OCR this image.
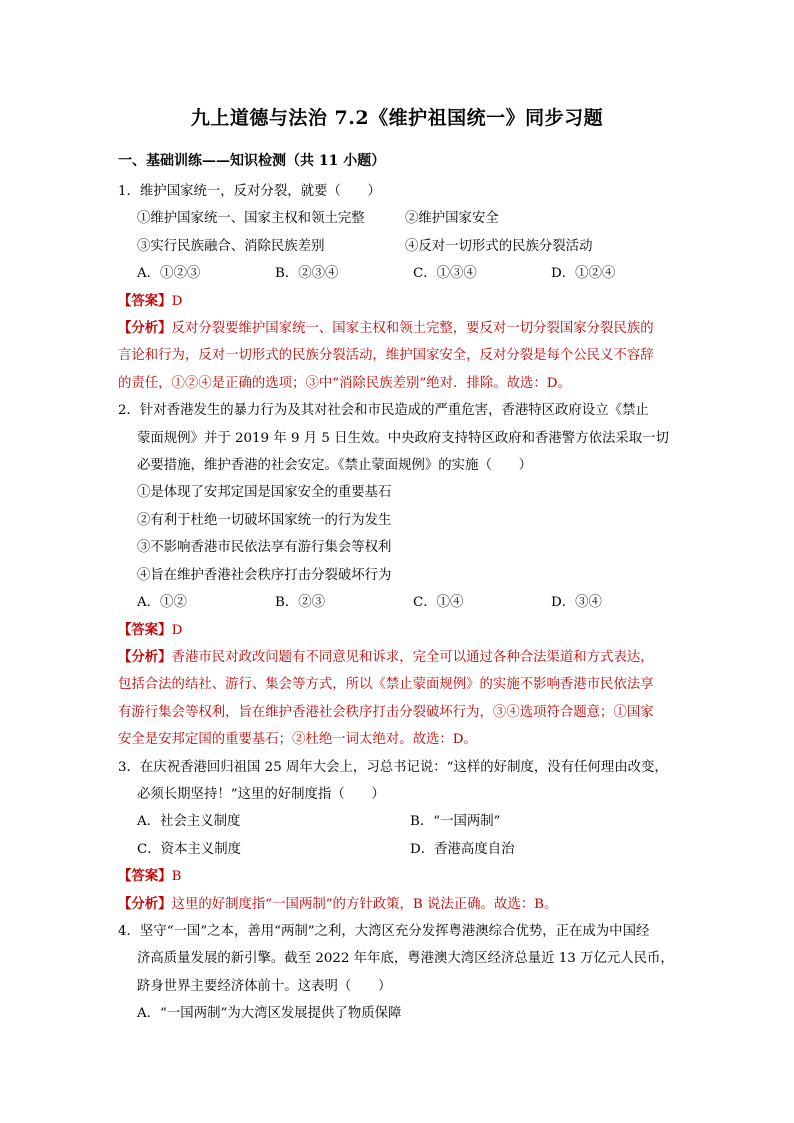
九上道德与法治 7.2《维护祖国统一》同步习题
一、基础训练——知识检测（共 11 小题）
1．维护国家统一，反对分裂，就要（　　）
①维护国家统一、国家主权和领土完整	②维护国家安全
③实行民族融合、消除民族差别	④反对一切形式的民族分裂活动
A．①②③	B．②③④	C．①③④	D．①②④
【答案】D
【分析】反对分裂要维护国家统一、国家主权和领土完整，要反对一切分裂国家分裂民族的
言论和行为，反对一切形式的民族分裂活动，维护国家安全，反对分裂是每个公民义不容辞
的责任，①②④是正确的选项；③中“消除民族差别”绝对．排除。故选：D。
2．针对香港发生的暴力行为及其对社会和市民造成的严重危害，香港特区政府设立《禁止
蒙面规例》并于 2019 年 9 月 5 日生效。中央政府支持特区政府和香港警方依法采取一切
必要措施，维护香港的社会安定。《禁止蒙面规例》的实施（　　）
①是体现了安邦定国是国家安全的重要基石
②有利于杜绝一切破坏国家统一的行为发生
③不影响香港市民依法享有游行集会等权利
④旨在维护香港社会秩序打击分裂破坏行为
A．①②	B．②③	C．①④	D．③④
【答案】D
【分析】香港市民对政改问题有不同意见和诉求，完全可以通过各种合法渠道和方式表达，
包括合法的结社、游行、集会等方式，所以《禁止蒙面规例》的实施不影响香港市民依法享
有游行集会等权利，旨在维护香港社会秩序打击分裂破坏行为，③④选项符合题意；①国家
安全是安邦定国的重要基石；②杜绝一词太绝对。故选：D。
3．在庆祝香港回归祖国 25 周年大会上，习总书记说：“这样的好制度，没有任何理由改变，
必须长期坚持！”这里的好制度指（　　）
A．社会主义制度	B．“一国两制”
C．资本主义制度	D．香港高度自治
【答案】B
【分析】这里的好制度指“一国两制”的方针政策，B 说法正确。故选：B。
4．坚守“一国”之本，善用“两制”之利，大湾区充分发挥粤港澳综合优势，正在成为中国经
济高质量发展的新引擎。截至 2022 年年底，粤港澳大湾区经济总量近 13 万亿元人民币，
跻身世界主要经济体前十。这表明（　　）
A．“一国两制”为大湾区发展提供了物质保障
